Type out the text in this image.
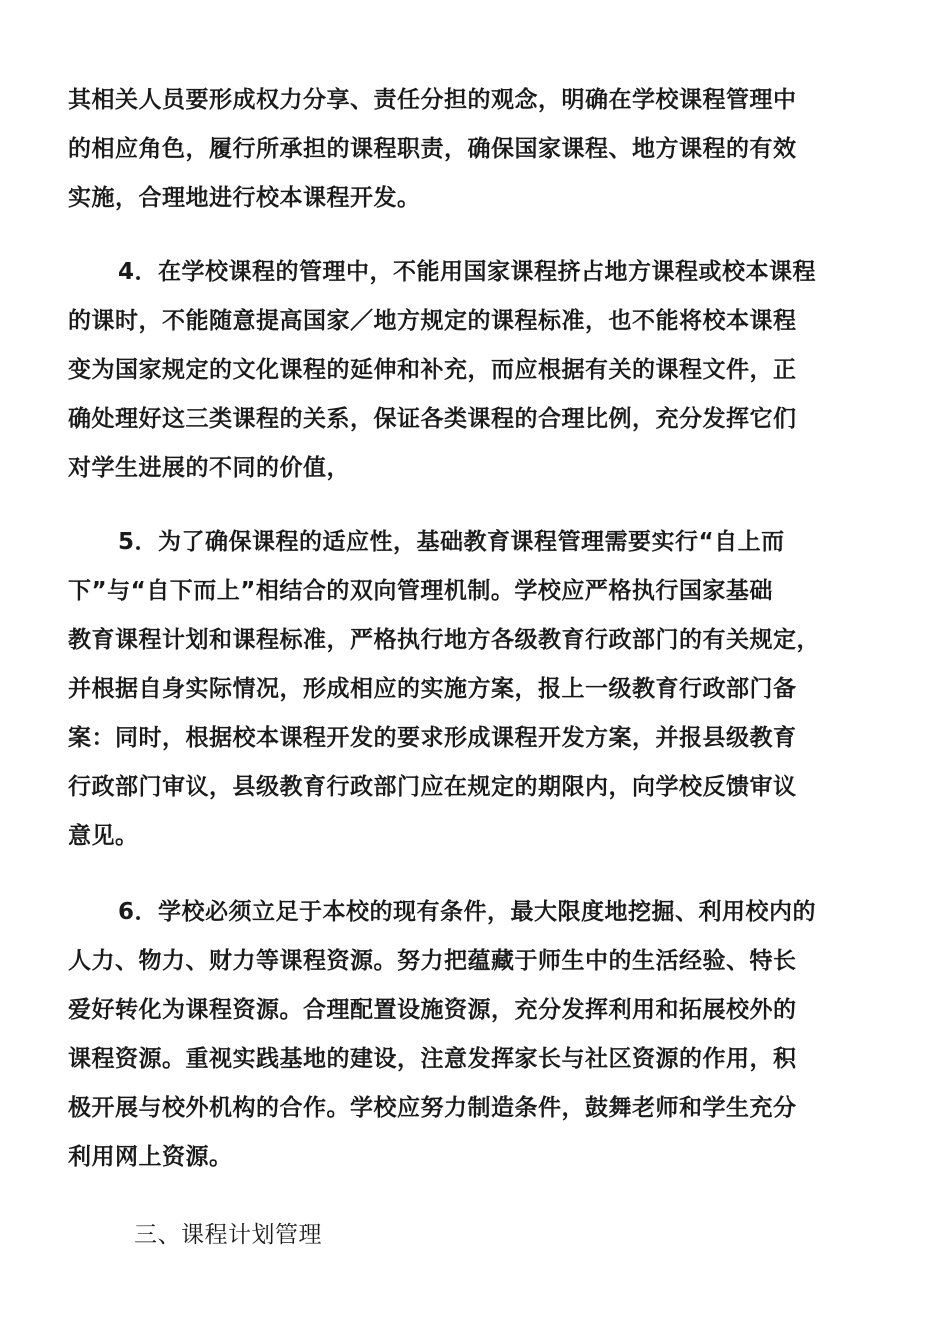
其相关人员要形成权力分享、责任分担的观念，明确在学校课程管理中
的相应角色，履行所承担的课程职责，确保国家课程、地方课程的有效
实施，合理地进行校本课程开发。
4．在学校课程的管理中，不能用国家课程挤占地方课程或校本课程
的课时，不能随意提高国家／地方规定的课程标准，也不能将校本课程
变为国家规定的文化课程的延伸和补充，而应根据有关的课程文件，正
确处理好这三类课程的关系，保证各类课程的合理比例，充分发挥它们
对学生进展的不同的价值，
5．为了确保课程的适应性，基础教育课程管理需要实行“自上而
下”与“自下而上”相结合的双向管理机制。学校应严格执行国家基础
教育课程计划和课程标准，严格执行地方各级教育行政部门的有关规定，
并根据自身实际情况，形成相应的实施方案，报上一级教育行政部门备
案：同时，根据校本课程开发的要求形成课程开发方案，并报县级教育
行政部门审议，县级教育行政部门应在规定的期限内，向学校反馈审议
意见。
6．学校必须立足于本校的现有条件，最大限度地挖掘、利用校内的
人力、物力、财力等课程资源。努力把蕴藏于师生中的生活经验、特长
爱好转化为课程资源。合理配置设施资源，充分发挥利用和拓展校外的
课程资源。重视实践基地的建设，注意发挥家长与社区资源的作用，积
极开展与校外机构的合作。学校应努力制造条件，鼓舞老师和学生充分
利用网上资源。
三、课程计划管理
